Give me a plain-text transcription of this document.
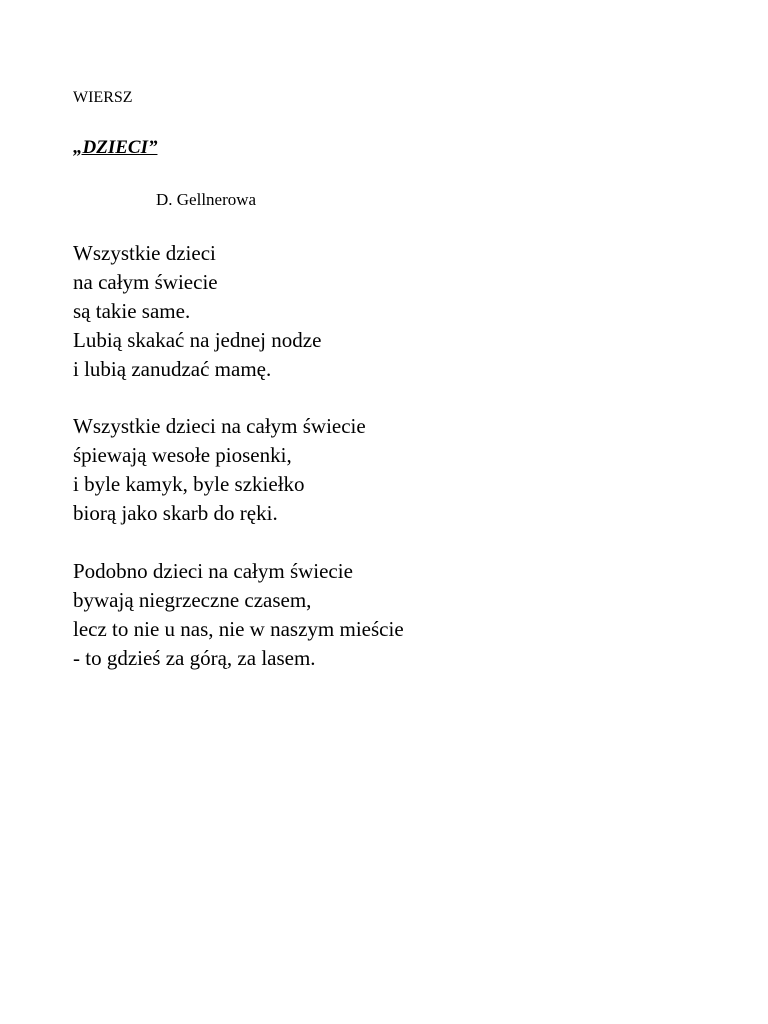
WIERSZ

„DZIECI”

D. Gellnerowa

Wszystkie dzieci
na całym świecie
są takie same.
Lubią skakać na jednej nodze
i lubią zanudzać mamę.
Wszystkie dzieci na całym świecie
śpiewają wesołe piosenki,
i byle kamyk, byle szkiełko
biorą jako skarb do ręki.
Podobno dzieci na całym świecie
bywają niegrzeczne czasem,
lecz to nie u nas, nie w naszym mieście
- to gdzieś za górą, za lasem.
